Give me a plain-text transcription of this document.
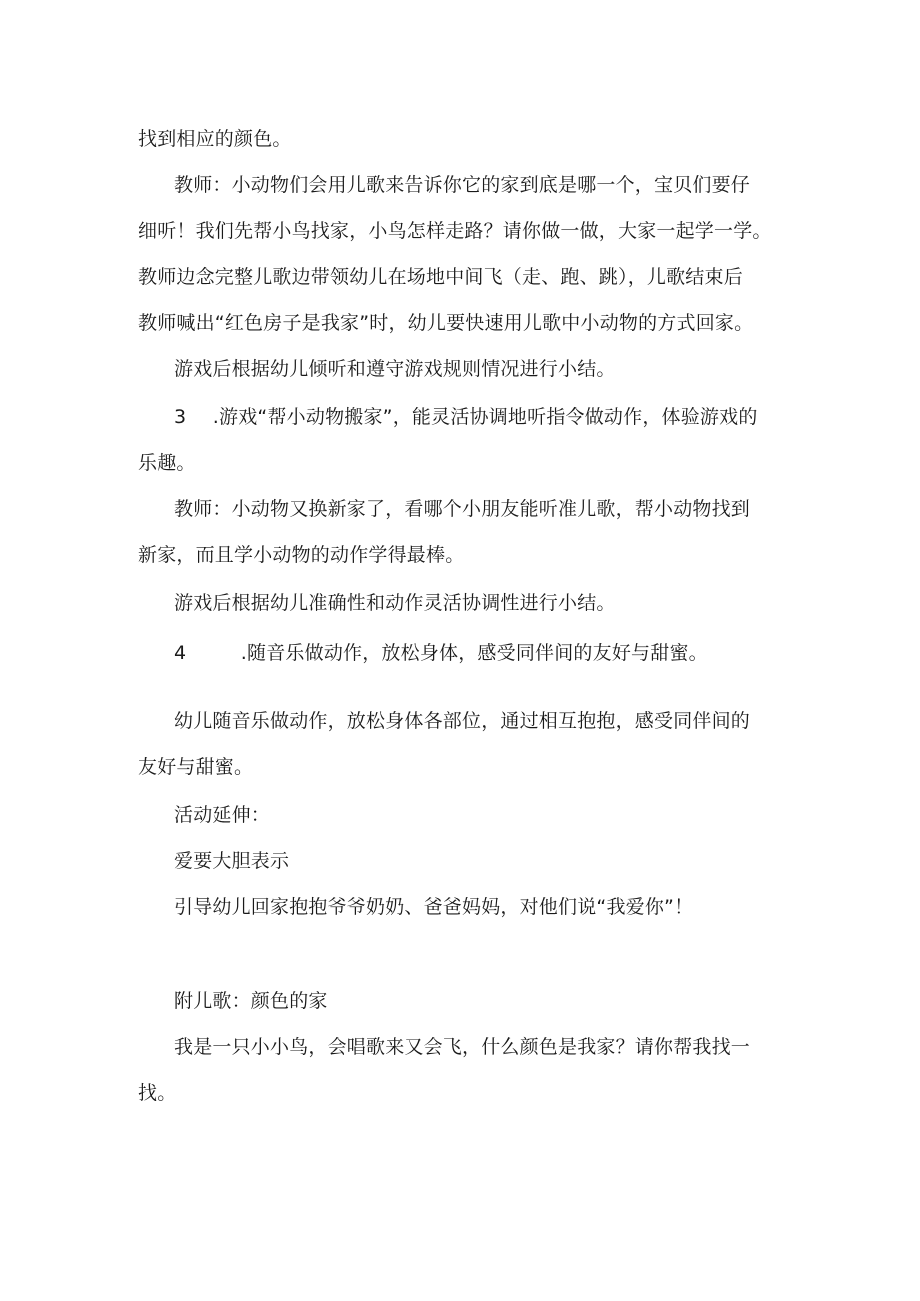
找到相应的颜色。

教师：小动物们会用儿歌来告诉你它的家到底是哪一个，宝贝们要仔

细听！我们先帮小鸟找家，小鸟怎样走路？请你做一做，大家一起学一学。

教师边念完整儿歌边带领幼儿在场地中间飞（走、跑、跳），儿歌结束后

教师喊出“红色房子是我家”时，幼儿要快速用儿歌中小动物的方式回家。

游戏后根据幼儿倾听和遵守游戏规则情况进行小结。

3 .游戏“帮小动物搬家”，能灵活协调地听指令做动作，体验游戏的

乐趣。

教师：小动物又换新家了，看哪个小朋友能听准儿歌，帮小动物找到

新家，而且学小动物的动作学得最棒。

游戏后根据幼儿准确性和动作灵活协调性进行小结。

4	.随音乐做动作，放松身体，感受同伴间的友好与甜蜜。

幼儿随音乐做动作，放松身体各部位，通过相互抱抱，感受同伴间的

友好与甜蜜。

活动延伸：

爱要大胆表示

引导幼儿回家抱抱爷爷奶奶、爸爸妈妈，对他们说“我爱你”！

附儿歌：颜色的家

我是一只小小鸟，会唱歌来又会飞，什么颜色是我家？请你帮我找一

找。
